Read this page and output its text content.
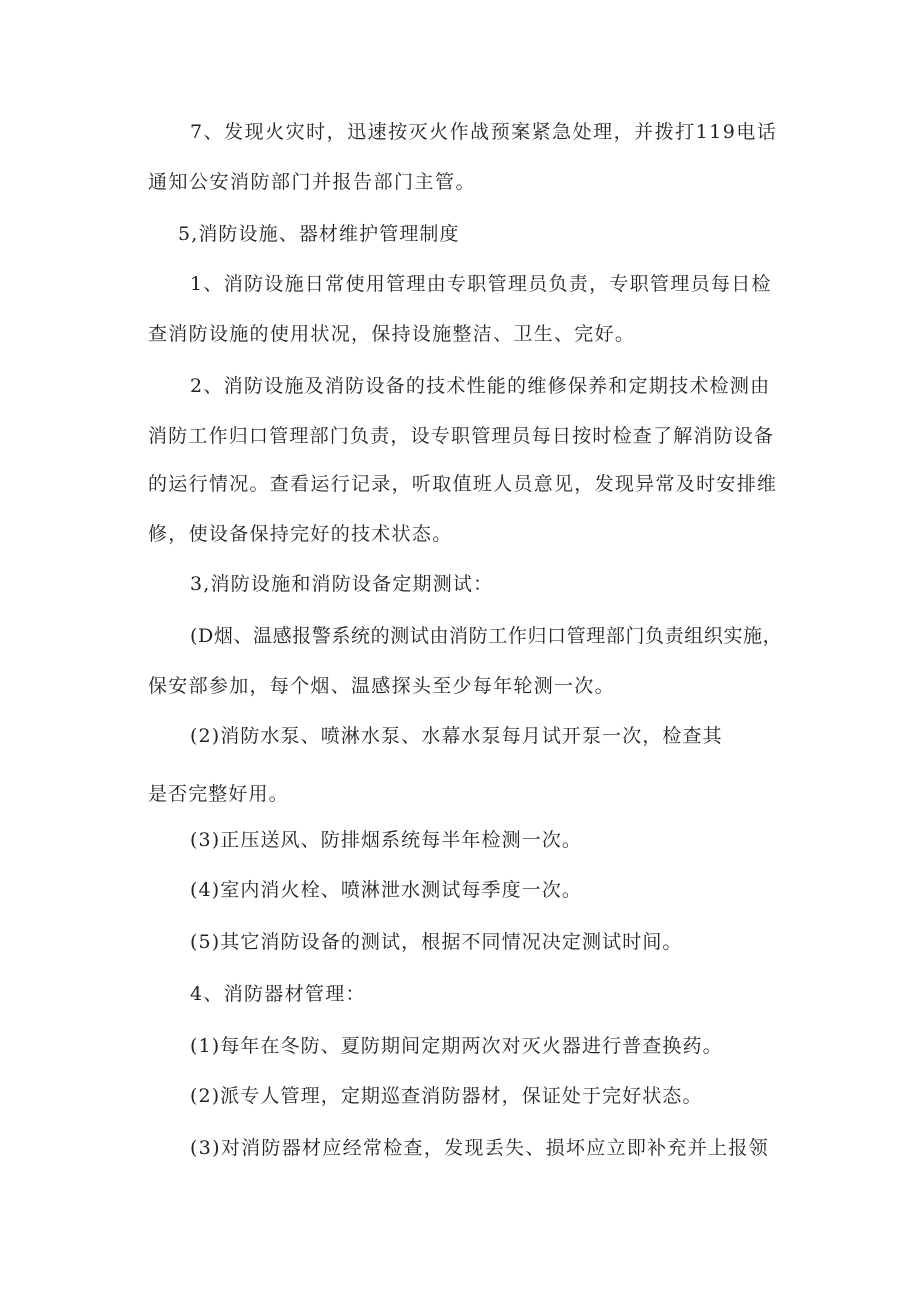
7、发现火灾时，迅速按灭火作战预案紧急处理，并拨打119电话
通知公安消防部门并报告部门主管。
5,消防设施、器材维护管理制度
1、消防设施日常使用管理由专职管理员负责，专职管理员每日检
查消防设施的使用状况，保持设施整洁、卫生、完好。
2、消防设施及消防设备的技术性能的维修保养和定期技术检测由
消防工作归口管理部门负责，设专职管理员每日按时检查了解消防设备
的运行情况。查看运行记录，听取值班人员意见，发现异常及时安排维
修，使设备保持完好的技术状态。
3,消防设施和消防设备定期测试：
(D烟、温感报警系统的测试由消防工作归口管理部门负责组织实施，
保安部参加，每个烟、温感探头至少每年轮测一次。
(2)消防水泵、喷淋水泵、水幕水泵每月试开泵一次，检查其
是否完整好用。
(3)正压送风、防排烟系统每半年检测一次。
(4)室内消火栓、喷淋泄水测试每季度一次。
(5)其它消防设备的测试，根据不同情况决定测试时间。
4、消防器材管理：
(1)每年在冬防、夏防期间定期两次对灭火器进行普查换药。
(2)派专人管理，定期巡查消防器材，保证处于完好状态。
(3)对消防器材应经常检查，发现丢失、损坏应立即补充并上报领
